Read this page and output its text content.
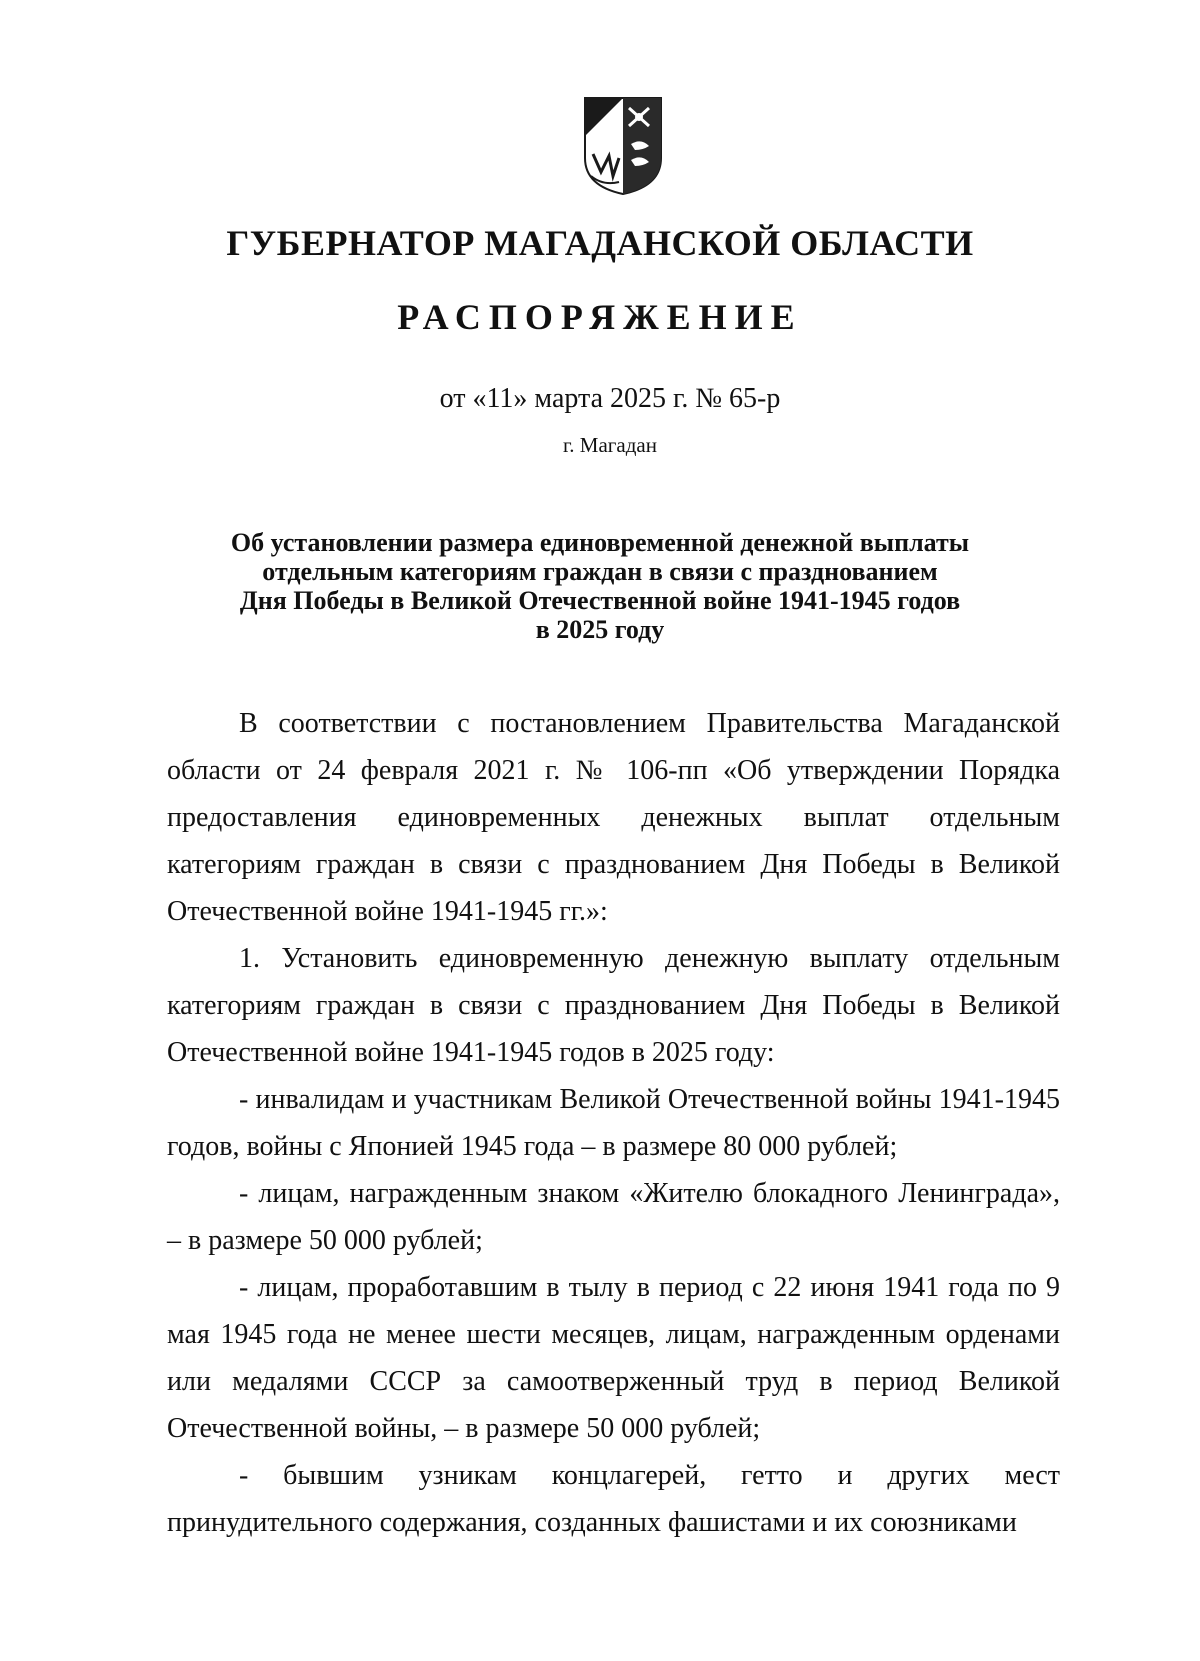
ГУБЕРНАТОР МАГАДАНСКОЙ ОБЛАСТИ
РАСПОРЯЖЕНИЕ
от «11» марта 2025 г. № 65-р
г. Магадан
Об установлении размера единовременной денежной выплаты
отдельным категориям граждан в связи с празднованием
Дня Победы в Великой Отечественной войне 1941-1945 годов
в 2025 году

В соответствии с постановлением Правительства Магаданской области от 24 февраля 2021 г. № 106-пп «Об утверждении Порядка предоставления единовременных денежных выплат отдельным категориям граждан в связи с празднованием Дня Победы в Великой Отечественной войне 1941-1945 гг.»:

1. Установить единовременную денежную выплату отдельным категориям граждан в связи с празднованием Дня Победы в Великой Отечественной войне 1941-1945 годов в 2025 году:

- инвалидам и участникам Великой Отечественной войны 1941-1945 годов, войны с Японией 1945 года – в размере 80 000 рублей;

- лицам, награжденным знаком «Жителю блокадного Ленинграда», – в размере 50 000 рублей;

- лицам, проработавшим в тылу в период с 22 июня 1941 года по 9 мая 1945 года не менее шести месяцев, лицам, награжденным орденами или медалями СССР за самоотверженный труд в период Великой Отечественной войны, – в размере 50 000 рублей;

- бывшим узникам концлагерей, гетто и других мест принудительного содержания, созданных фашистами и их союзниками
